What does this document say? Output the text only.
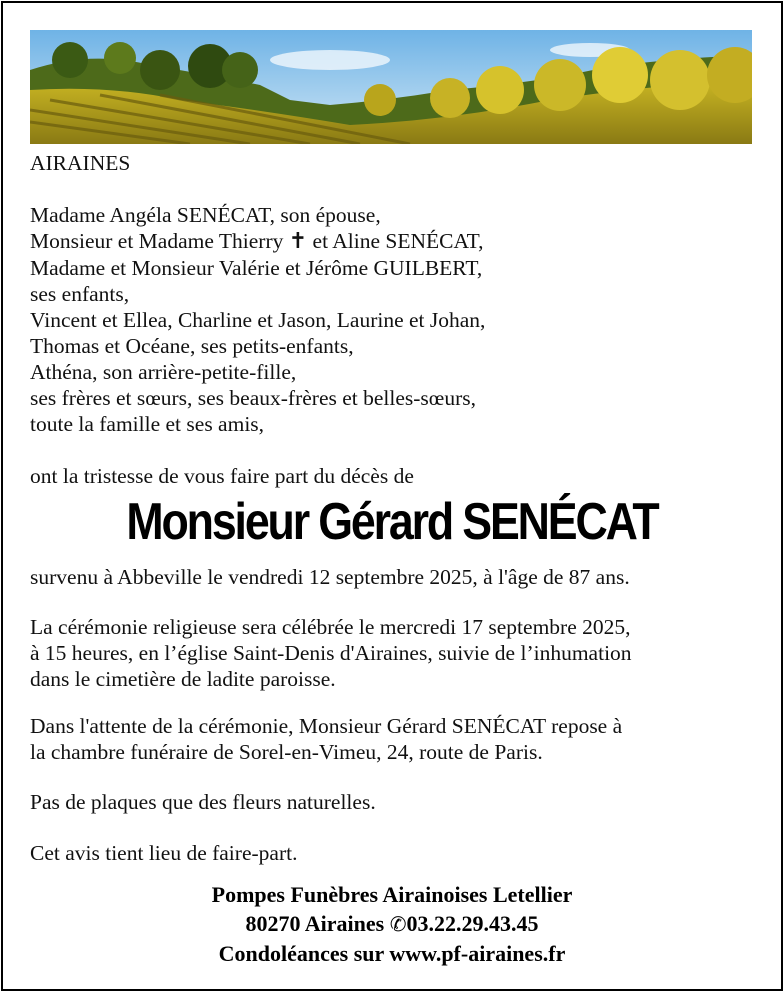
AIRAINES
Madame Angéla SENÉCAT, son épouse,
Monsieur et Madame Thierry ✝ et Aline SENÉCAT,
Madame et Monsieur Valérie et Jérôme GUILBERT,
ses enfants,
Vincent et Ellea, Charline et Jason, Laurine et Johan,
Thomas et Océane, ses petits-enfants,
Athéna, son arrière-petite-fille,
ses frères et sœurs, ses beaux-frères et belles-sœurs,
toute la famille et ses amis,
ont la tristesse de vous faire part du décès de
Monsieur Gérard SENÉCAT
survenu à Abbeville le vendredi 12 septembre 2025, à l'âge de 87 ans.
La cérémonie religieuse sera célébrée le mercredi 17 septembre 2025,
à 15 heures, en l’église Saint-Denis d'Airaines, suivie de l’inhumation
dans le cimetière de ladite paroisse.
Dans l'attente de la cérémonie, Monsieur Gérard SENÉCAT repose à
la chambre funéraire de Sorel-en-Vimeu, 24, route de Paris.
Pas de plaques que des fleurs naturelles.
Cet avis tient lieu de faire-part.
Pompes Funèbres Airainoises Letellier
80270 Airaines ✆03.22.29.43.45
Condoléances sur www.pf-airaines.fr
